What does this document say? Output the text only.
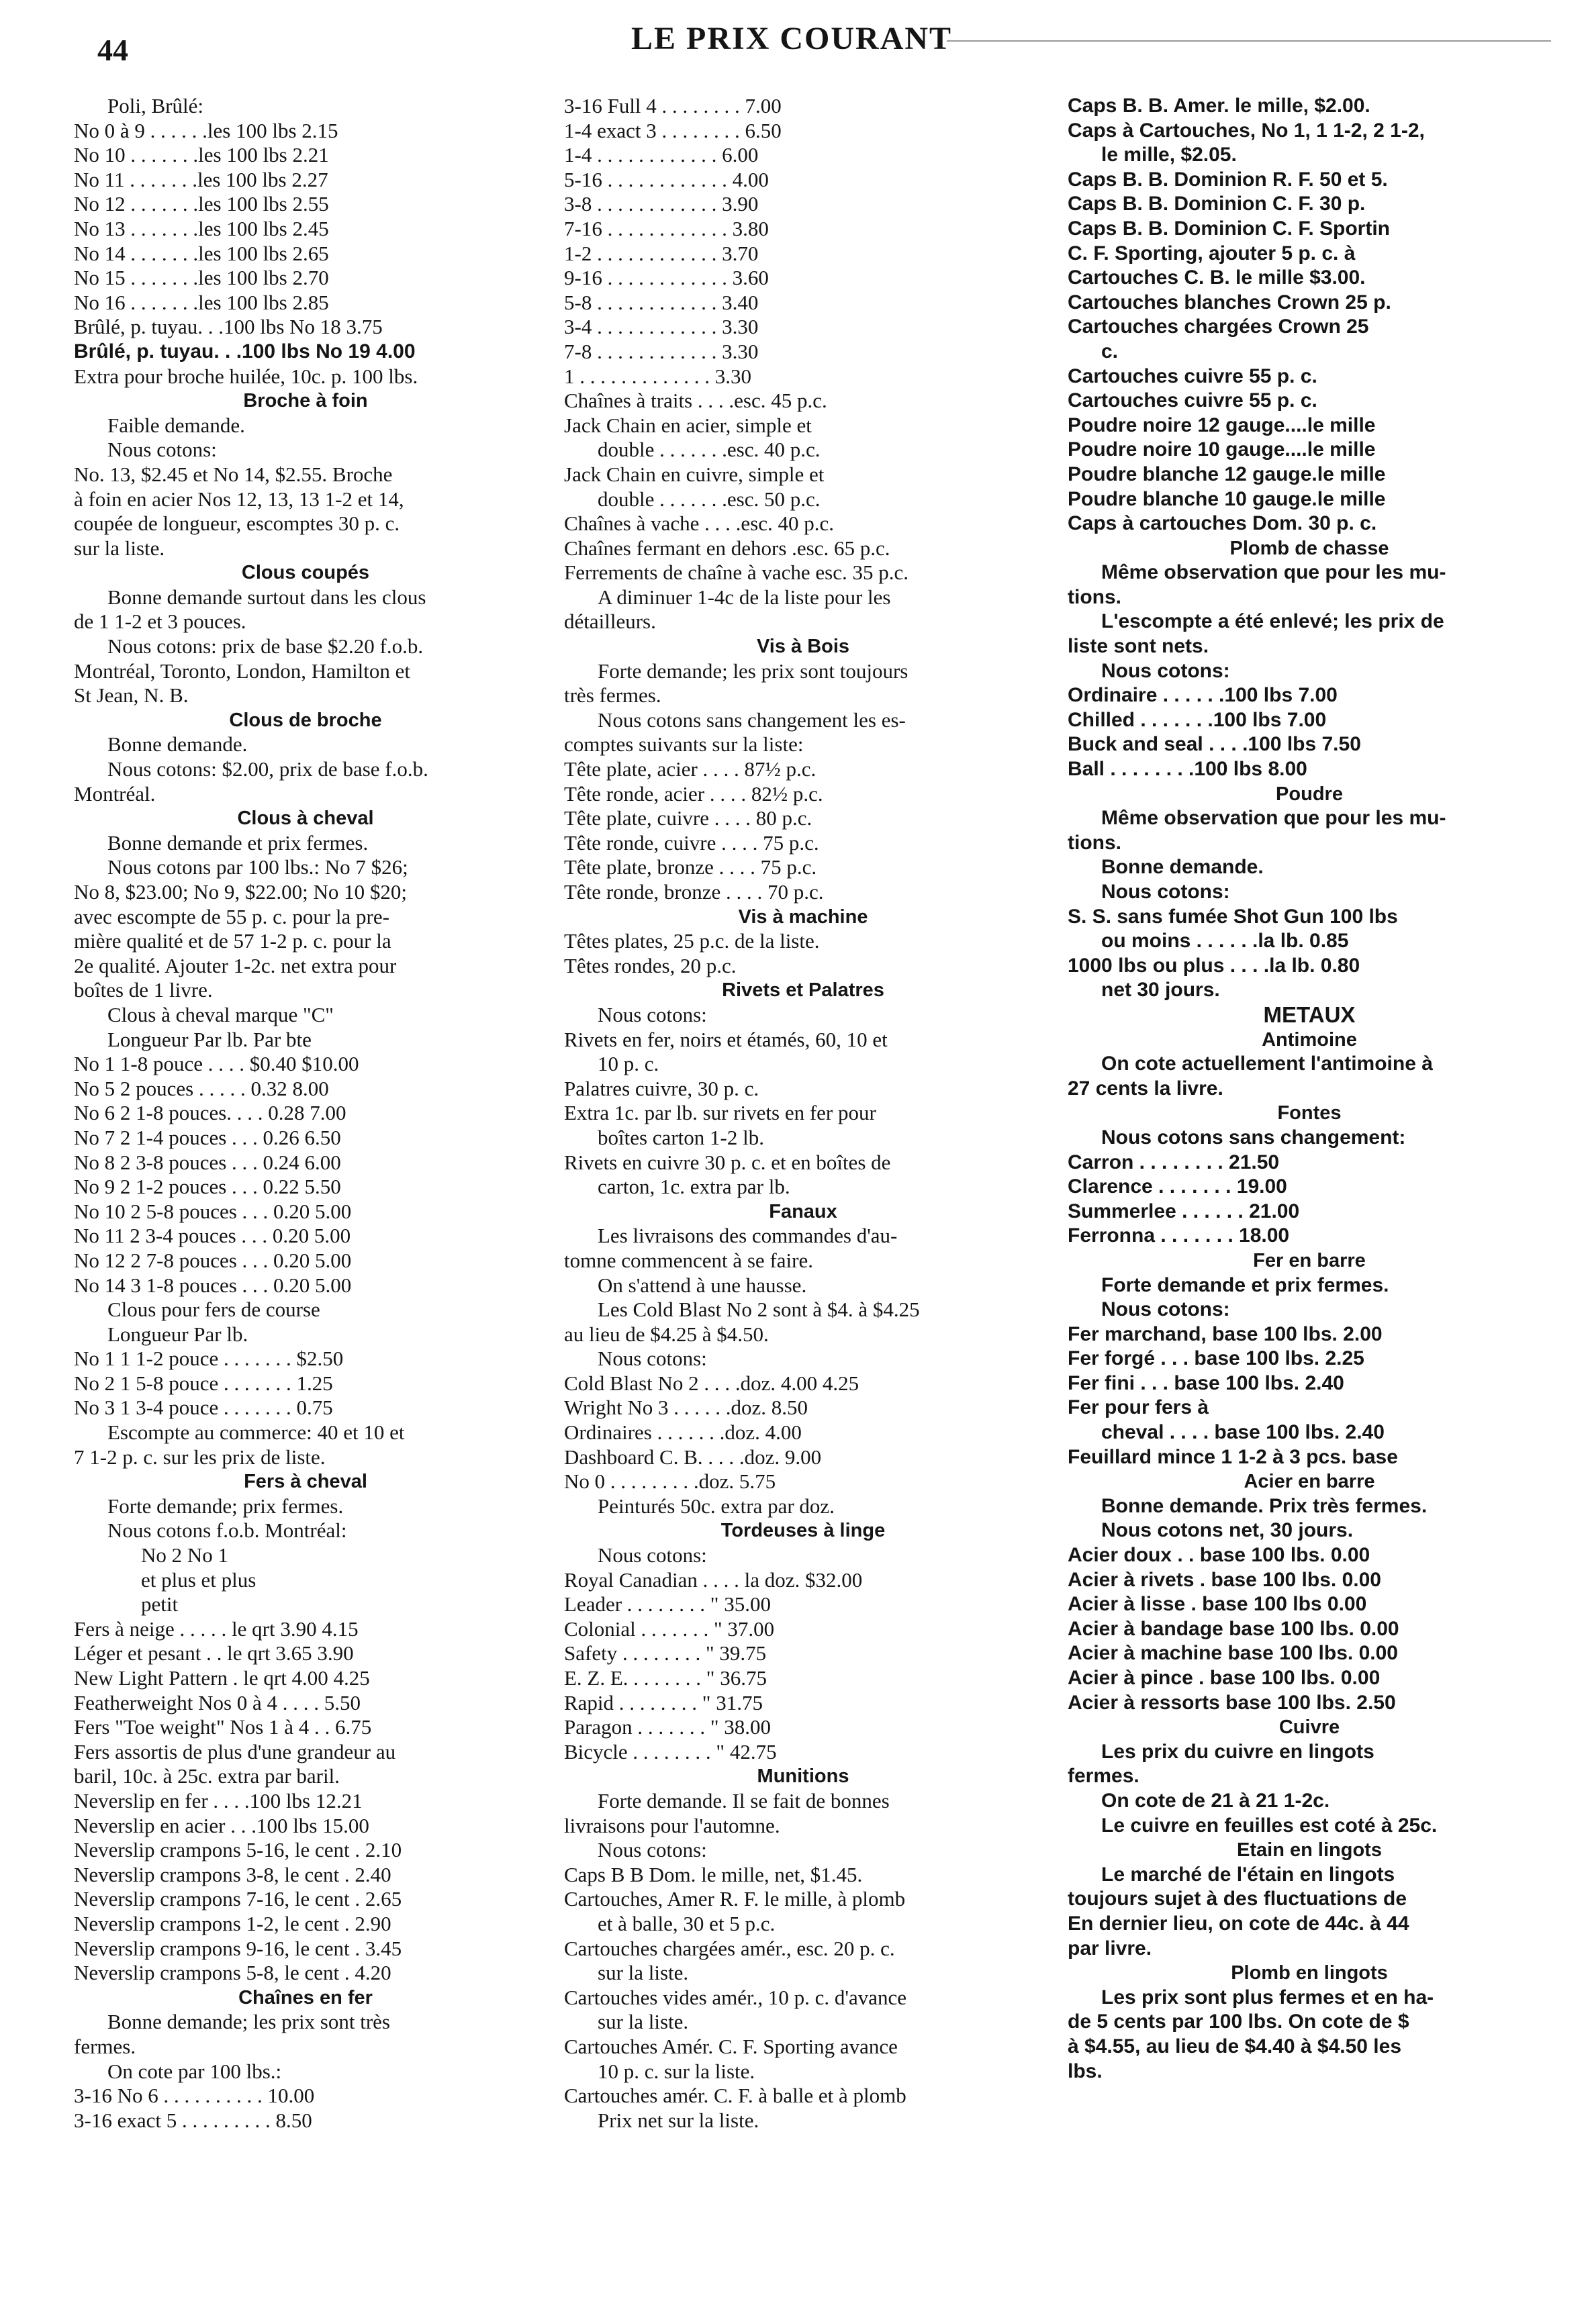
44	LE PRIX COURANT
Poli, Brûlé:
No 0 à 9 . . . . . .les 100 lbs 2.15
No 10 . . . . . . .les 100 lbs 2.21
No 11 . . . . . . .les 100 lbs 2.27
No 12 . . . . . . .les 100 lbs 2.55
No 13 . . . . . . .les 100 lbs 2.45
No 14 . . . . . . .les 100 lbs 2.65
No 15 . . . . . . .les 100 lbs 2.70
No 16 . . . . . . .les 100 lbs 2.85
Brûlé, p. tuyau. . .100 lbs No 18 3.75
Brûlé, p. tuyau. . .100 lbs No 19 4.00
Extra pour broche huilée, 10c. p. 100 lbs.
Broche à foin
Faible demande.
Nous cotons:
No. 13, $2.45 et No 14, $2.55. Broche
à foin en acier Nos 12, 13, 13 1-2 et 14,
coupée de longueur, escomptes 30 p. c.
sur la liste.
Clous coupés
Bonne demande surtout dans les clous
de 1 1-2 et 3 pouces.
Nous cotons: prix de base $2.20 f.o.b.
Montréal, Toronto, London, Hamilton et
St Jean, N. B.
Clous de broche
Bonne demande.
Nous cotons: $2.00, prix de base f.o.b.
Montréal.
Clous à cheval
Bonne demande et prix fermes.
Nous cotons par 100 lbs.: No 7 $26;
No 8, $23.00; No 9, $22.00; No 10 $20;
avec escompte de 55 p. c. pour la pre-
mière qualité et de 57 1-2 p. c. pour la
2e qualité. Ajouter 1-2c. net extra pour
boîtes de 1 livre.
Clous à cheval marque "C"
Longueur Par lb. Par bte
No 1 1-8 pouce . . . . $0.40 $10.00
No 5 2 pouces . . . . . 0.32 8.00
No 6 2 1-8 pouces. . . . 0.28 7.00
No 7 2 1-4 pouces . . . 0.26 6.50
No 8 2 3-8 pouces . . . 0.24 6.00
No 9 2 1-2 pouces . . . 0.22 5.50
No 10 2 5-8 pouces . . . 0.20 5.00
No 11 2 3-4 pouces . . . 0.20 5.00
No 12 2 7-8 pouces . . . 0.20 5.00
No 14 3 1-8 pouces . . . 0.20 5.00
Clous pour fers de course
Longueur Par lb.
No 1 1 1-2 pouce . . . . . . . $2.50
No 2 1 5-8 pouce . . . . . . . 1.25
No 3 1 3-4 pouce . . . . . . . 0.75
Escompte au commerce: 40 et 10 et
7 1-2 p. c. sur les prix de liste.
Fers à cheval
Forte demande; prix fermes.
Nous cotons f.o.b. Montréal:
No 2 No 1
et plus et plus
petit
Fers à neige . . . . . le qrt 3.90 4.15
Léger et pesant . . le qrt 3.65 3.90
New Light Pattern . le qrt 4.00 4.25
Featherweight Nos 0 à 4 . . . . 5.50
Fers "Toe weight" Nos 1 à 4 . . 6.75
Fers assortis de plus d'une grandeur au
baril, 10c. à 25c. extra par baril.
Neverslip en fer . . . .100 lbs 12.21
Neverslip en acier . . .100 lbs 15.00
Neverslip crampons 5-16, le cent . 2.10
Neverslip crampons 3-8, le cent . 2.40
Neverslip crampons 7-16, le cent . 2.65
Neverslip crampons 1-2, le cent . 2.90
Neverslip crampons 9-16, le cent . 3.45
Neverslip crampons 5-8, le cent . 4.20
Chaînes en fer
Bonne demande; les prix sont très
fermes.
On cote par 100 lbs.:
3-16 No 6 . . . . . . . . . . 10.00
3-16 exact 5 . . . . . . . . . 8.50
3-16 Full 4 . . . . . . . . 7.00
1-4 exact 3 . . . . . . . . 6.50
1-4 . . . . . . . . . . . . 6.00
5-16 . . . . . . . . . . . . 4.00
3-8 . . . . . . . . . . . . 3.90
7-16 . . . . . . . . . . . . 3.80
1-2 . . . . . . . . . . . . 3.70
9-16 . . . . . . . . . . . . 3.60
5-8 . . . . . . . . . . . . 3.40
3-4 . . . . . . . . . . . . 3.30
7-8 . . . . . . . . . . . . 3.30
1 . . . . . . . . . . . . . 3.30
Chaînes à traits . . . .esc. 45 p.c.
Jack Chain en acier, simple et
double . . . . . . .esc. 40 p.c.
Jack Chain en cuivre, simple et
double . . . . . . .esc. 50 p.c.
Chaînes à vache . . . .esc. 40 p.c.
Chaînes fermant en dehors .esc. 65 p.c.
Ferrements de chaîne à vache esc. 35 p.c.
A diminuer 1-4c de la liste pour les
détailleurs.
Vis à Bois
Forte demande; les prix sont toujours
très fermes.
Nous cotons sans changement les es-
comptes suivants sur la liste:
Tête plate, acier . . . . 87½ p.c.
Tête ronde, acier . . . . 82½ p.c.
Tête plate, cuivre . . . . 80 p.c.
Tête ronde, cuivre . . . . 75 p.c.
Tête plate, bronze . . . . 75 p.c.
Tête ronde, bronze . . . . 70 p.c.
Vis à machine
Têtes plates, 25 p.c. de la liste.
Têtes rondes, 20 p.c.
Rivets et Palatres
Nous cotons:
Rivets en fer, noirs et étamés, 60, 10 et
10 p. c.
Palatres cuivre, 30 p. c.
Extra 1c. par lb. sur rivets en fer pour
boîtes carton 1-2 lb.
Rivets en cuivre 30 p. c. et en boîtes de
carton, 1c. extra par lb.
Fanaux
Les livraisons des commandes d'au-
tomne commencent à se faire.
On s'attend à une hausse.
Les Cold Blast No 2 sont à $4. à $4.25
au lieu de $4.25 à $4.50.
Nous cotons:
Cold Blast No 2 . . . .doz. 4.00 4.25
Wright No 3 . . . . . .doz. 8.50
Ordinaires . . . . . . .doz. 4.00
Dashboard C. B. . . . .doz. 9.00
No 0 . . . . . . . . .doz. 5.75
Peinturés 50c. extra par doz.
Tordeuses à linge
Nous cotons:
Royal Canadian . . . . la doz. $32.00
Leader . . . . . . . . " 35.00
Colonial . . . . . . . " 37.00
Safety . . . . . . . . " 39.75
E. Z. E. . . . . . . . " 36.75
Rapid . . . . . . . . " 31.75
Paragon . . . . . . . " 38.00
Bicycle . . . . . . . . " 42.75
Munitions
Forte demande. Il se fait de bonnes
livraisons pour l'automne.
Nous cotons:
Caps B B Dom. le mille, net, $1.45.
Cartouches, Amer R. F. le mille, à plomb
et à balle, 30 et 5 p.c.
Cartouches chargées amér., esc. 20 p. c.
sur la liste.
Cartouches vides amér., 10 p. c. d'avance
sur la liste.
Cartouches Amér. C. F. Sporting avance
10 p. c. sur la liste.
Cartouches amér. C. F. à balle et à plomb
Prix net sur la liste.
Caps B. B. Amer. le mille, $2.00.
Caps à Cartouches, No 1, 1 1-2, 2 1-2,
le mille, $2.05.
Caps B. B. Dominion R. F. 50 et 5.
Caps B. B. Dominion C. F. 30 p.
Caps B. B. Dominion C. F. Sportin
C. F. Sporting, ajouter 5 p. c. à
Cartouches C. B. le mille $3.00.
Cartouches blanches Crown 25 p.
Cartouches chargées Crown 25
c.
Cartouches cuivre 55 p. c.
Cartouches cuivre 55 p. c.
Poudre noire 12 gauge....le mille
Poudre noire 10 gauge....le mille
Poudre blanche 12 gauge.le mille
Poudre blanche 10 gauge.le mille
Caps à cartouches Dom. 30 p. c.
Plomb de chasse
Même observation que pour les mu-
tions.
L'escompte a été enlevé; les prix de
liste sont nets.
Nous cotons:
Ordinaire . . . . . .100 lbs 7.00
Chilled . . . . . . .100 lbs 7.00
Buck and seal . . . .100 lbs 7.50
Ball . . . . . . . .100 lbs 8.00
Poudre
Même observation que pour les mu-
tions.
Bonne demande.
Nous cotons:
S. S. sans fumée Shot Gun 100 lbs
ou moins . . . . . .la lb. 0.85
1000 lbs ou plus . . . .la lb. 0.80
net 30 jours.
METAUX
Antimoine
On cote actuellement l'antimoine à
27 cents la livre.
Fontes
Nous cotons sans changement:
Carron . . . . . . . . 21.50
Clarence . . . . . . . 19.00
Summerlee . . . . . . 21.00
Ferronna . . . . . . . 18.00
Fer en barre
Forte demande et prix fermes.
Nous cotons:
Fer marchand, base 100 lbs. 2.00
Fer forgé . . . base 100 lbs. 2.25
Fer fini . . . base 100 lbs. 2.40
Fer pour fers à
cheval . . . . base 100 lbs. 2.40
Feuillard mince 1 1-2 à 3 pcs. base
Acier en barre
Bonne demande. Prix très fermes.
Nous cotons net, 30 jours.
Acier doux . . base 100 lbs. 0.00
Acier à rivets . base 100 lbs. 0.00
Acier à lisse . base 100 lbs 0.00
Acier à bandage base 100 lbs. 0.00
Acier à machine base 100 lbs. 0.00
Acier à pince . base 100 lbs. 0.00
Acier à ressorts base 100 lbs. 2.50
Cuivre
Les prix du cuivre en lingots
fermes.
On cote de 21 à 21 1-2c.
Le cuivre en feuilles est coté à 25c.
Etain en lingots
Le marché de l'étain en lingots
toujours sujet à des fluctuations de
En dernier lieu, on cote de 44c. à 44
par livre.
Plomb en lingots
Les prix sont plus fermes et en ha-
de 5 cents par 100 lbs. On cote de $
à $4.55, au lieu de $4.40 à $4.50 les
lbs.
